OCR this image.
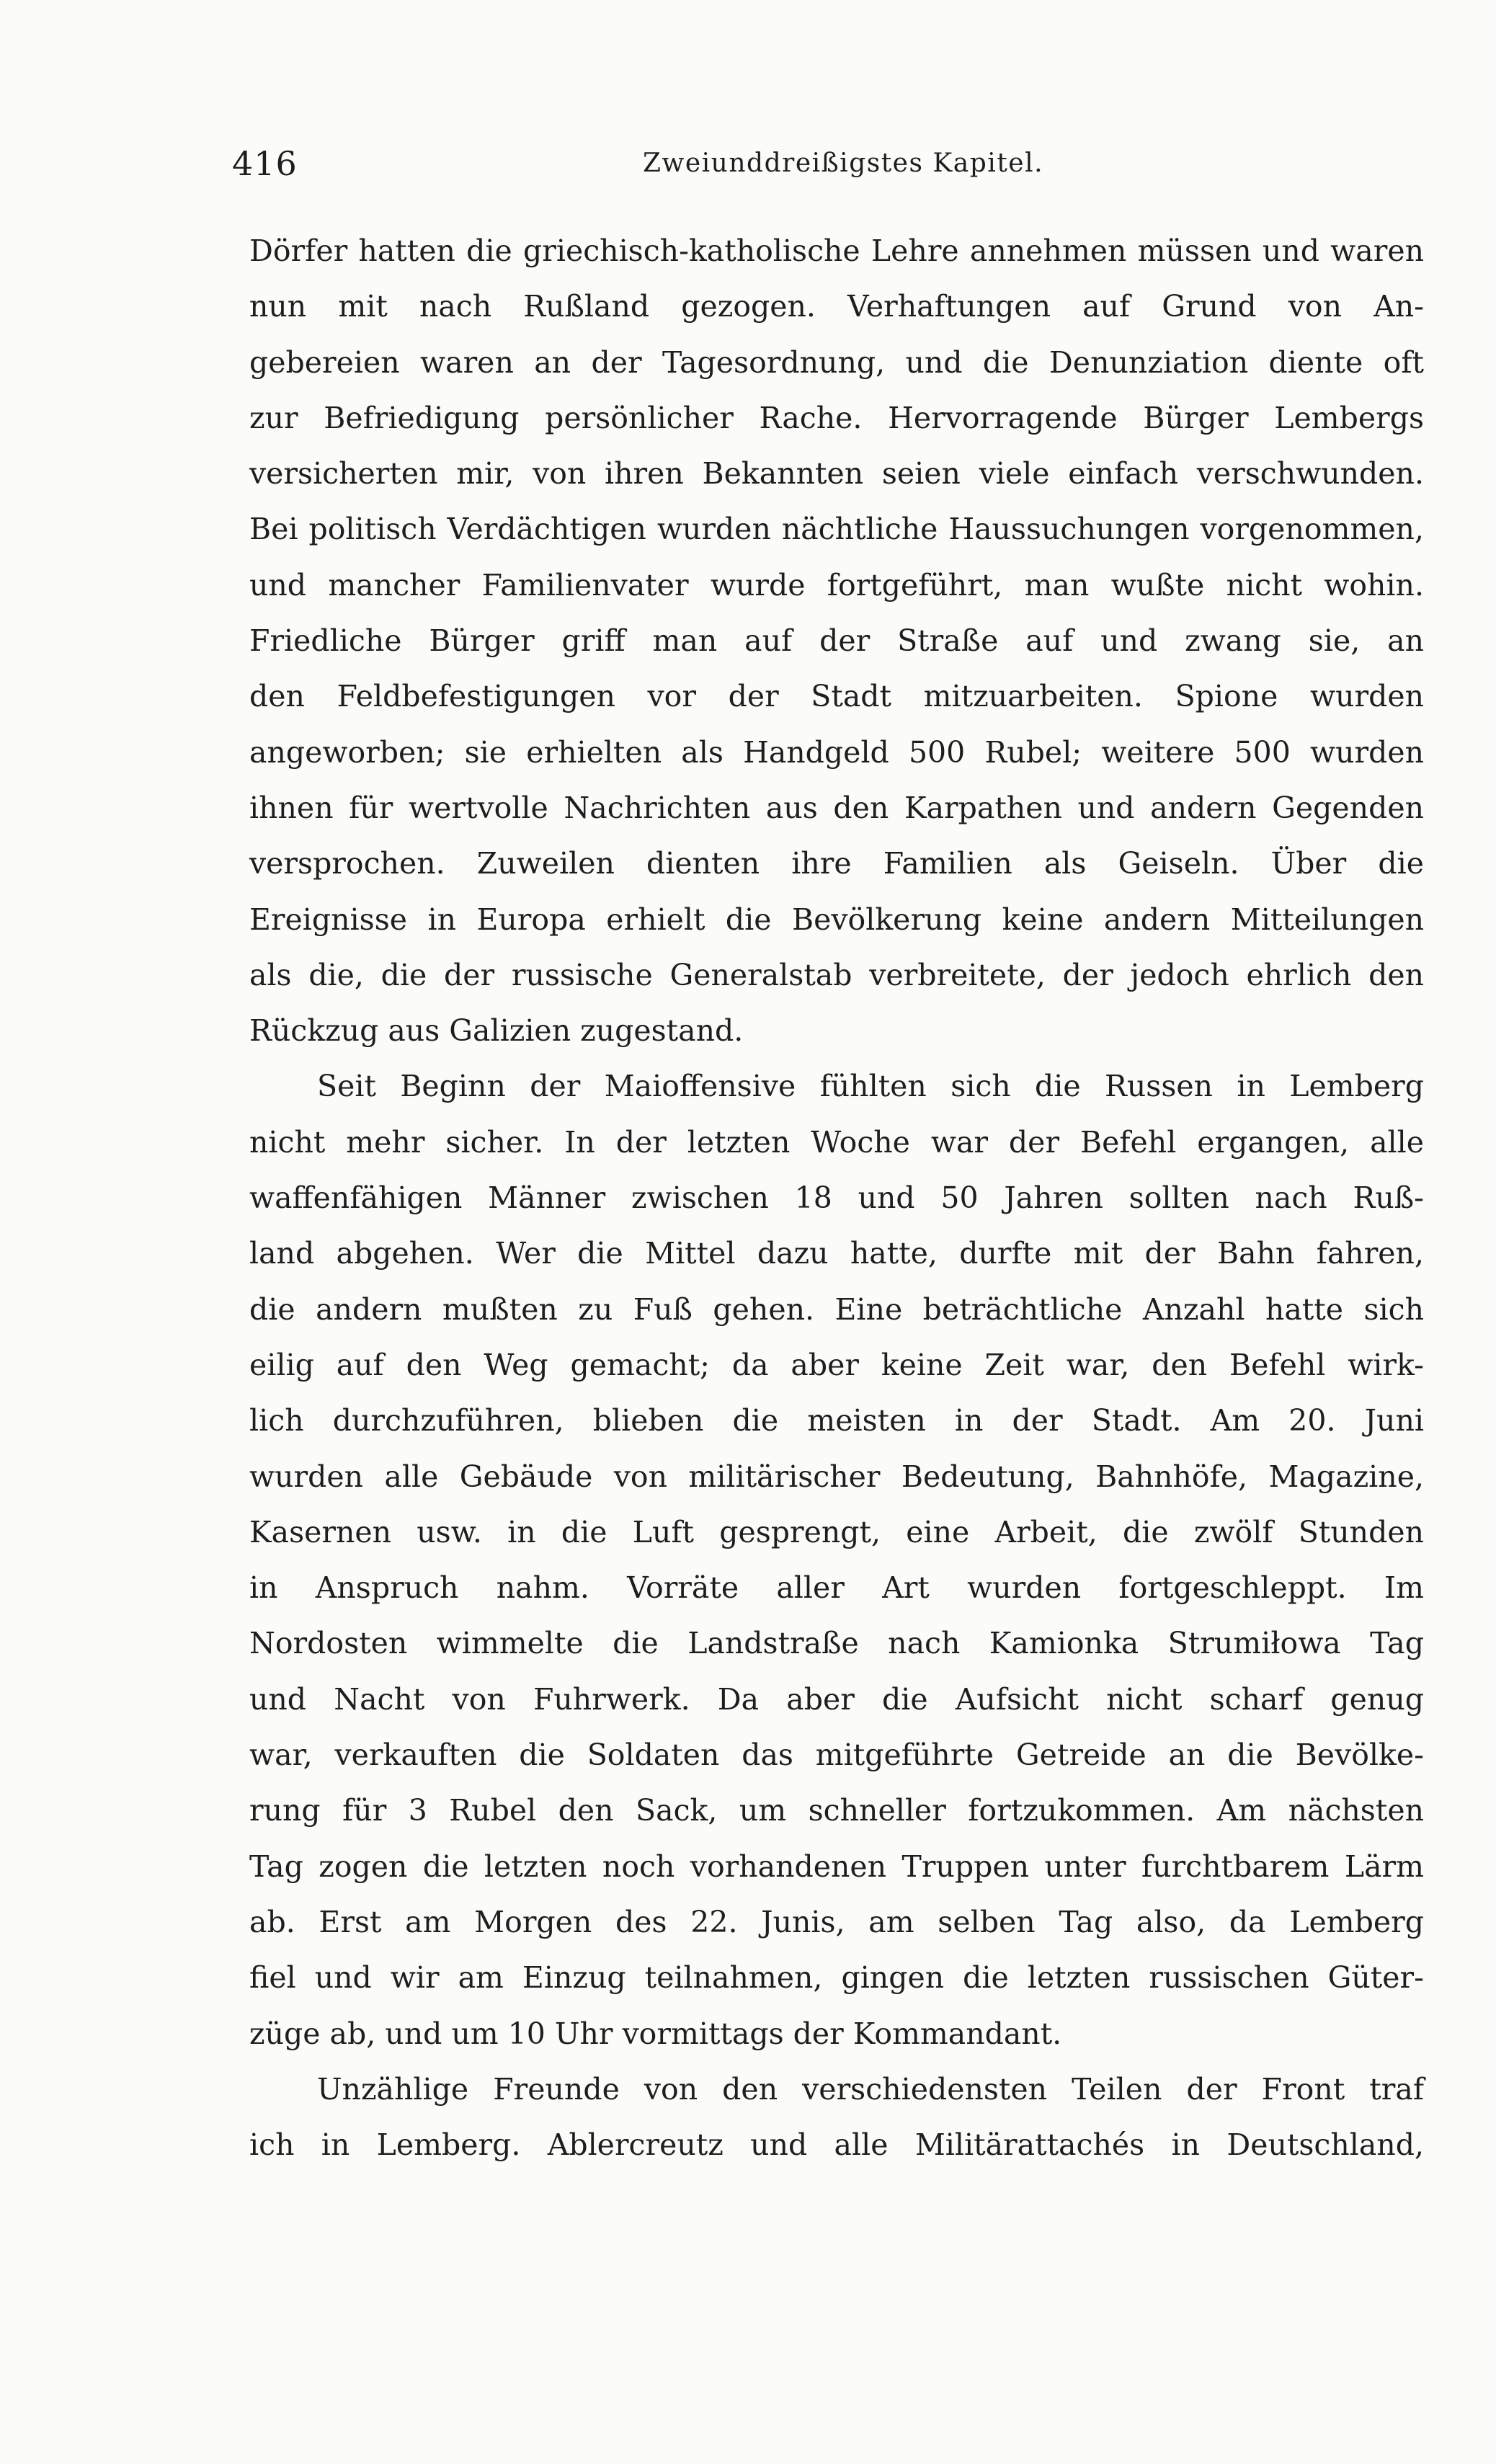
416	Zweiunddreißigstes Kapitel.
Dörfer hatten die griechisch-katholische Lehre annehmen müssen und waren
nun mit nach Rußland gezogen. Verhaftungen auf Grund von An-
gebereien waren an der Tagesordnung, und die Denunziation diente oft
zur Befriedigung persönlicher Rache. Hervorragende Bürger Lembergs
versicherten mir, von ihren Bekannten seien viele einfach verschwunden.
Bei politisch Verdächtigen wurden nächtliche Haussuchungen vorgenommen,
und mancher Familienvater wurde fortgeführt, man wußte nicht wohin.
Friedliche Bürger griff man auf der Straße auf und zwang sie, an
den Feldbefestigungen vor der Stadt mitzuarbeiten. Spione wurden
angeworben; sie erhielten als Handgeld 500 Rubel; weitere 500 wurden
ihnen für wertvolle Nachrichten aus den Karpathen und andern Gegenden
versprochen. Zuweilen dienten ihre Familien als Geiseln. Über die
Ereignisse in Europa erhielt die Bevölkerung keine andern Mitteilungen
als die, die der russische Generalstab verbreitete, der jedoch ehrlich den
Rückzug aus Galizien zugestand.
Seit Beginn der Maioffensive fühlten sich die Russen in Lemberg
nicht mehr sicher. In der letzten Woche war der Befehl ergangen, alle
waffenfähigen Männer zwischen 18 und 50 Jahren sollten nach Ruß-
land abgehen. Wer die Mittel dazu hatte, durfte mit der Bahn fahren,
die andern mußten zu Fuß gehen. Eine beträchtliche Anzahl hatte sich
eilig auf den Weg gemacht; da aber keine Zeit war, den Befehl wirk-
lich durchzuführen, blieben die meisten in der Stadt. Am 20. Juni
wurden alle Gebäude von militärischer Bedeutung, Bahnhöfe, Magazine,
Kasernen usw. in die Luft gesprengt, eine Arbeit, die zwölf Stunden
in Anspruch nahm. Vorräte aller Art wurden fortgeschleppt. Im
Nordosten wimmelte die Landstraße nach Kamionka Strumiłowa Tag
und Nacht von Fuhrwerk. Da aber die Aufsicht nicht scharf genug
war, verkauften die Soldaten das mitgeführte Getreide an die Bevölke-
rung für 3 Rubel den Sack, um schneller fortzukommen. Am nächsten
Tag zogen die letzten noch vorhandenen Truppen unter furchtbarem Lärm
ab. Erst am Morgen des 22. Junis, am selben Tag also, da Lemberg
fiel und wir am Einzug teilnahmen, gingen die letzten russischen Güter-
züge ab, und um 10 Uhr vormittags der Kommandant.
Unzählige Freunde von den verschiedensten Teilen der Front traf
ich in Lemberg. Ablercreutz und alle Militärattachés in Deutschland,
